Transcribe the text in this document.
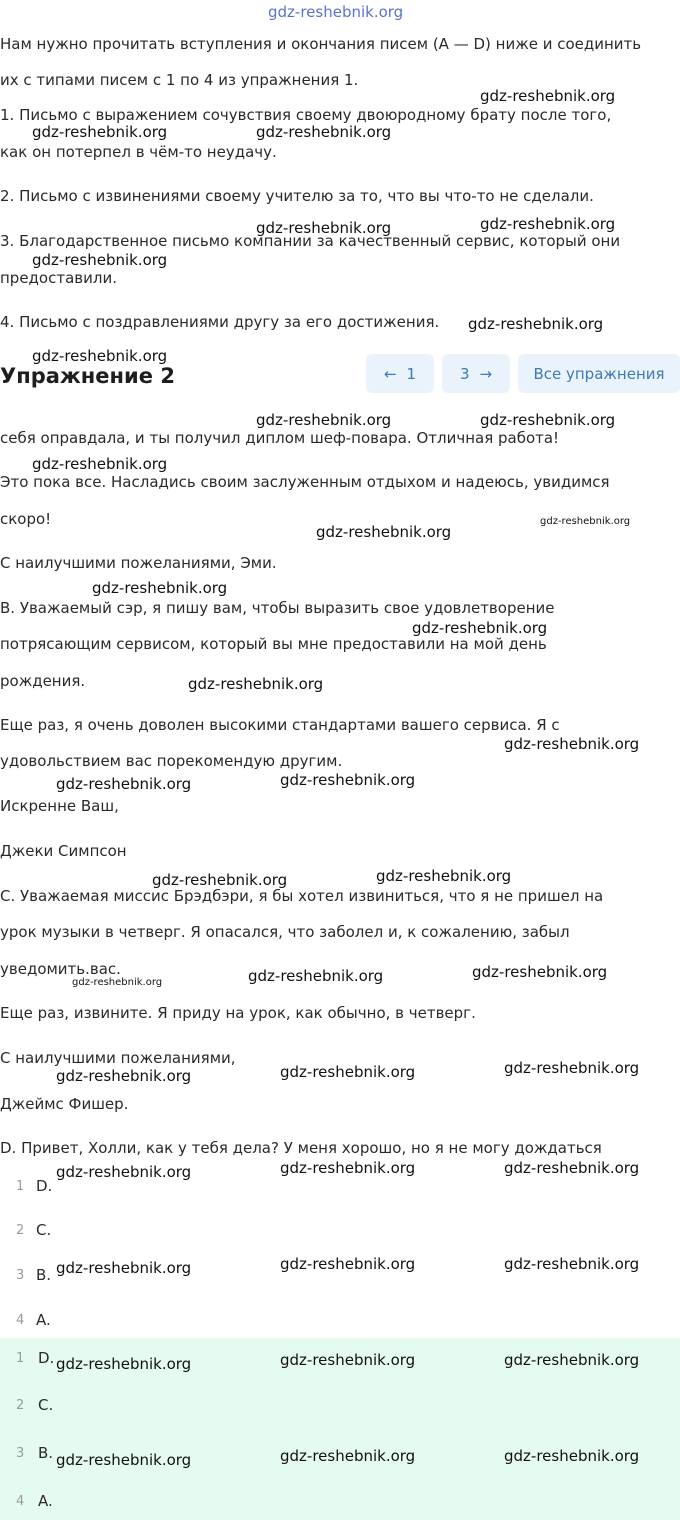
gdz-reshebnik.org
Нам нужно прочитать вступления и окончания писем (A — D) ниже и соединить
их с типами писем с 1 по 4 из упражнения 1.
1. Письмо с выражением сочувствия своему двоюродному брату после того,
как он потерпел в чём-то неудачу.
2. Письмо с извинениями своему учителю за то, что вы что-то не сделали.
3. Благодарственное письмо компании за качественный сервис, который они
предоставили.
4. Письмо с поздравлениями другу за его достижения.
Упражнение 2	← 1	3 →	Все упражнения
себя оправдала, и ты получил диплом шеф-повара. Отличная работа!
Это пока все. Насладись своим заслуженным отдыхом и надеюсь, увидимся
скоро!
С наилучшими пожеланиями, Эми.
B. Уважаемый сэр, я пишу вам, чтобы выразить свое удовлетворение
потрясающим сервисом, который вы мне предоставили на мой день
рождения.
Еще раз, я очень доволен высокими стандартами вашего сервиса. Я с
удовольствием вас порекомендую другим.
Искренне Ваш,
Джеки Симпсон
C. Уважаемая миссис Брэдбэри, я бы хотел извиниться, что я не пришел на
урок музыки в четверг. Я опасался, что заболел и, к сожалению, забыл
уведомить.вас.
Еще раз, извините. Я приду на урок, как обычно, в четверг.
С наилучшими пожеланиями,
Джеймс Фишер.
D. Привет, Холли, как у тебя дела? У меня хорошо, но я не могу дождаться
1 D.
2 C.
3 B.
4 A.
1 D.
2 C.
3 B.
4 A.
gdz-reshebnik.org
gdz-reshebnik.org	gdz-reshebnik.org
gdz-reshebnik.org	gdz-reshebnik.org
gdz-reshebnik.org
gdz-reshebnik.org
gdz-reshebnik.org
gdz-reshebnik.org	gdz-reshebnik.org
gdz-reshebnik.org
gdz-reshebnik.org
gdz-reshebnik.org
gdz-reshebnik.org
gdz-reshebnik.org
gdz-reshebnik.org
gdz-reshebnik.org
gdz-reshebnik.org	gdz-reshebnik.org
gdz-reshebnik.org	gdz-reshebnik.org
gdz-reshebnik.org	gdz-reshebnik.org	gdz-reshebnik.org
gdz-reshebnik.org	gdz-reshebnik.org	gdz-reshebnik.org
gdz-reshebnik.org	gdz-reshebnik.org	gdz-reshebnik.org
gdz-reshebnik.org	gdz-reshebnik.org	gdz-reshebnik.org
gdz-reshebnik.org	gdz-reshebnik.org	gdz-reshebnik.org
gdz-reshebnik.org	gdz-reshebnik.org	gdz-reshebnik.org
